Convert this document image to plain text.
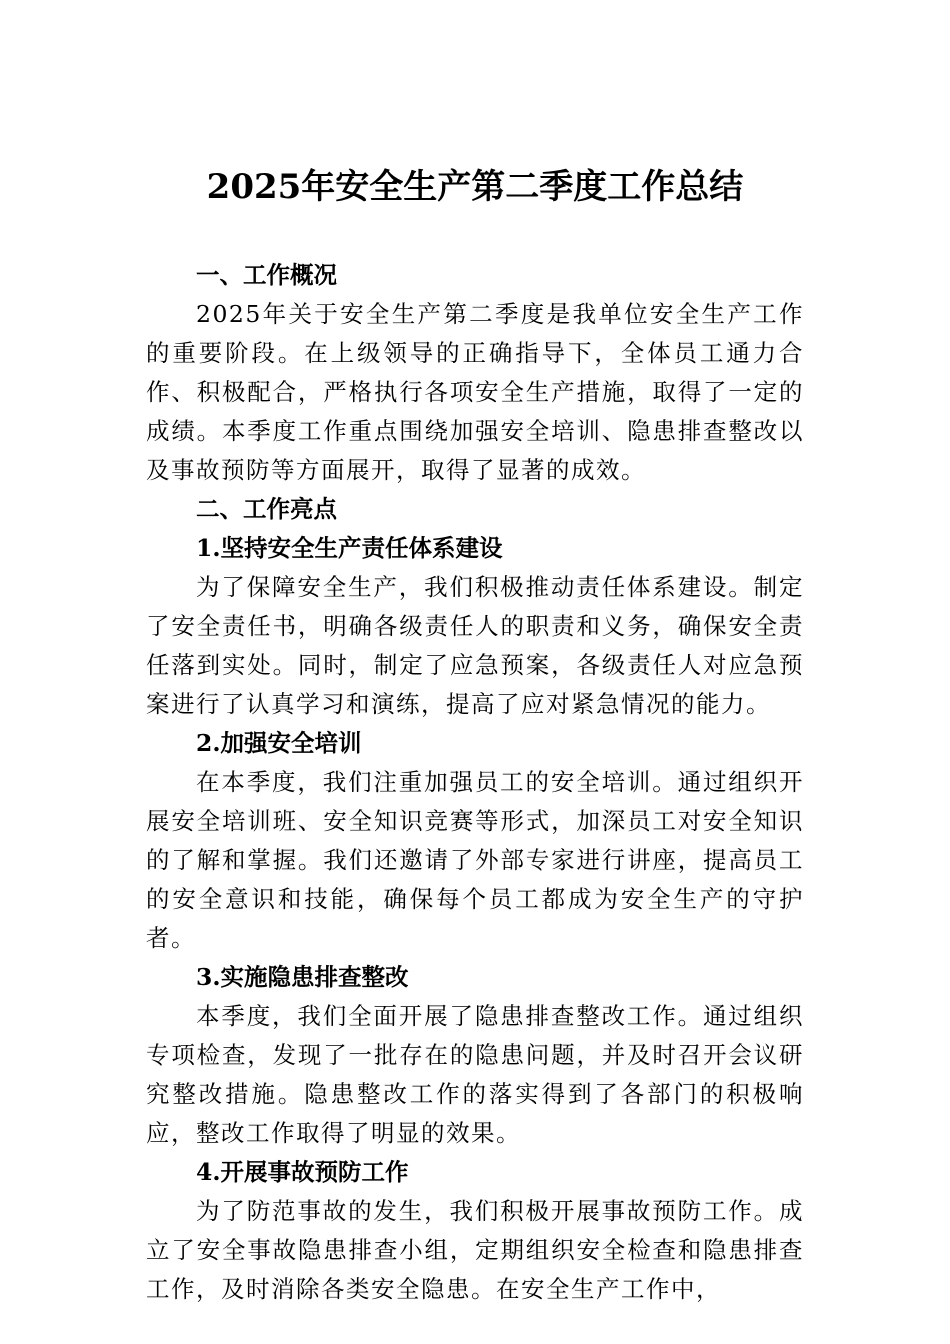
2025年安全生产第二季度工作总结

一、工作概况

2025年关于安全生产第二季度是我单位安全生产工作的重要阶段。在上级领导的正确指导下，全体员工通力合作、积极配合，严格执行各项安全生产措施，取得了一定的成绩。本季度工作重点围绕加强安全培训、隐患排查整改以及事故预防等方面展开，取得了显著的成效。

二、工作亮点

1.坚持安全生产责任体系建设

为了保障安全生产，我们积极推动责任体系建设。制定了安全责任书，明确各级责任人的职责和义务，确保安全责任落到实处。同时，制定了应急预案，各级责任人对应急预案进行了认真学习和演练，提高了应对紧急情况的能力。

2.加强安全培训

在本季度，我们注重加强员工的安全培训。通过组织开展安全培训班、安全知识竞赛等形式，加深员工对安全知识的了解和掌握。我们还邀请了外部专家进行讲座，提高员工的安全意识和技能，确保每个员工都成为安全生产的守护者。

3.实施隐患排查整改

本季度，我们全面开展了隐患排查整改工作。通过组织专项检查，发现了一批存在的隐患问题，并及时召开会议研究整改措施。隐患整改工作的落实得到了各部门的积极响应，整改工作取得了明显的效果。

4.开展事故预防工作

为了防范事故的发生，我们积极开展事故预防工作。成立了安全事故隐患排查小组，定期组织安全检查和隐患排查工作，及时消除各类安全隐患。在安全生产工作中，
